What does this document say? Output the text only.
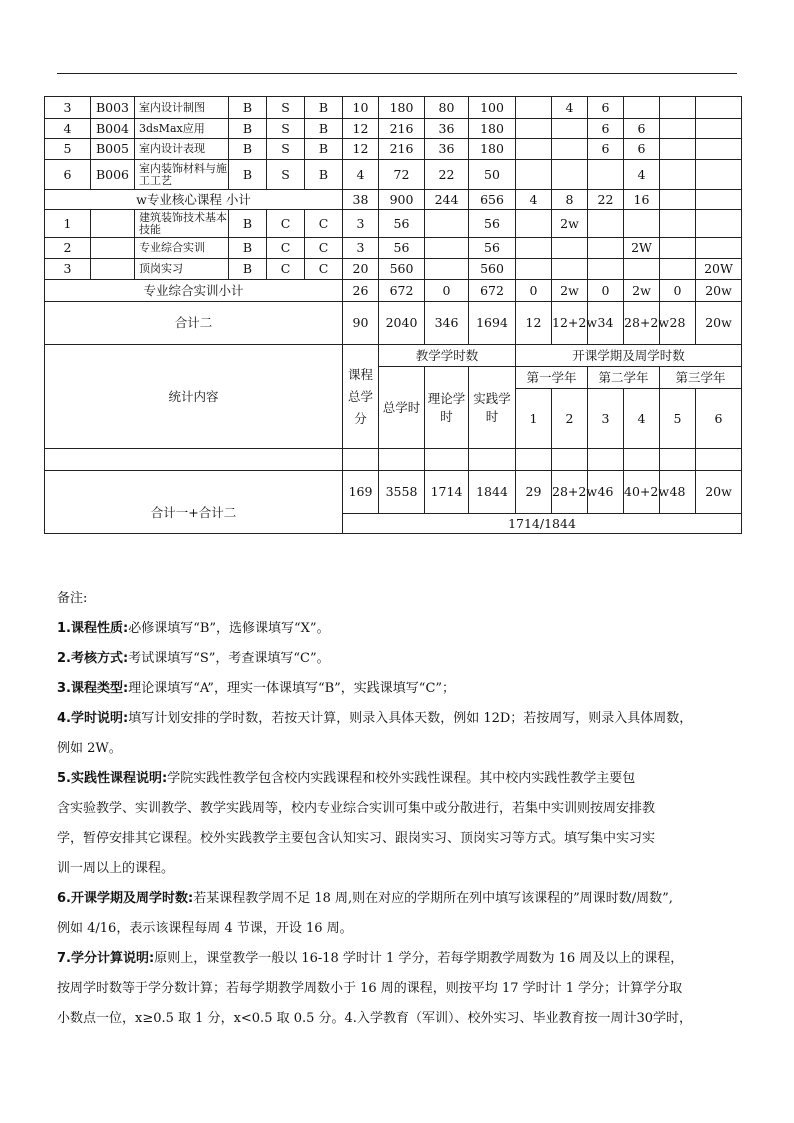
3	B003	室内设计制图	B	S	B	10	180	80	100		4	6			
4	B004	3dsMax应用	B	S	B	12	216	36	180			6	6		
5	B005	室内设计表现	B	S	B	12	216	36	180			6	6		
6	B006	室内装饰材料与施工工艺	B	S	B	4	72	22	50				4		
w专业核心课程 小计						38	900	244	656	4	8	22	16		
1		建筑装饰技术基本技能	B	C	C	3	56		56		2w				
2		专业综合实训	B	C	C	3	56		56				2W		
3		顶岗实习	B	C	C	20	560		560						20W
专业综合实训小计						26	672	0	672	0	2w	0	2w	0	20w
合计二						90	2040	346	1694	12	12+2w	34	28+2w	28	20w
统计内容						课程总学分	教学学时数			开课学期及周学时数					
							总学时	理论学时	实践学时	第一学年		第二学年		第三学年	
										1	2	3	4	5	6

合计一+合计二						169	3558	1714	1844	29	28+2w	46	40+2w	48	20w
						1714/1844									

备注:

1.课程性质:必修课填写“B”，选修课填写“X”。

2.考核方式:考试课填写“S”，考查课填写“C”。

3.课程类型:理论课填写“A”，理实一体课填写“B”，实践课填写“C”；

4.学时说明:填写计划安排的学时数，若按天计算，则录入具体天数，例如 12D；若按周写，则录入具体周数，

例如 2W。

5.实践性课程说明:学院实践性教学包含校内实践课程和校外实践性课程。其中校内实践性教学主要包

含实验教学、实训教学、教学实践周等，校内专业综合实训可集中或分散进行，若集中实训则按周安排教

学，暂停安排其它课程。校外实践教学主要包含认知实习、跟岗实习、顶岗实习等方式。填写集中实习实

训一周以上的课程。

6.开课学期及周学时数:若某课程教学周不足 18 周,则在对应的学期所在列中填写该课程的”周课时数/周数”,

例如 4/16，表示该课程每周 4 节课，开设 16 周。

7.学分计算说明:原则上，课堂教学一般以 16-18 学时计 1 学分，若每学期教学周数为 16 周及以上的课程，

按周学时数等于学分数计算；若每学期教学周数小于 16 周的课程，则按平均 17 学时计 1 学分；计算学分取

小数点一位，x≥0.5 取 1 分，x<0.5 取 0.5 分。4.入学教育（军训）、校外实习、毕业教育按一周计30学时，
